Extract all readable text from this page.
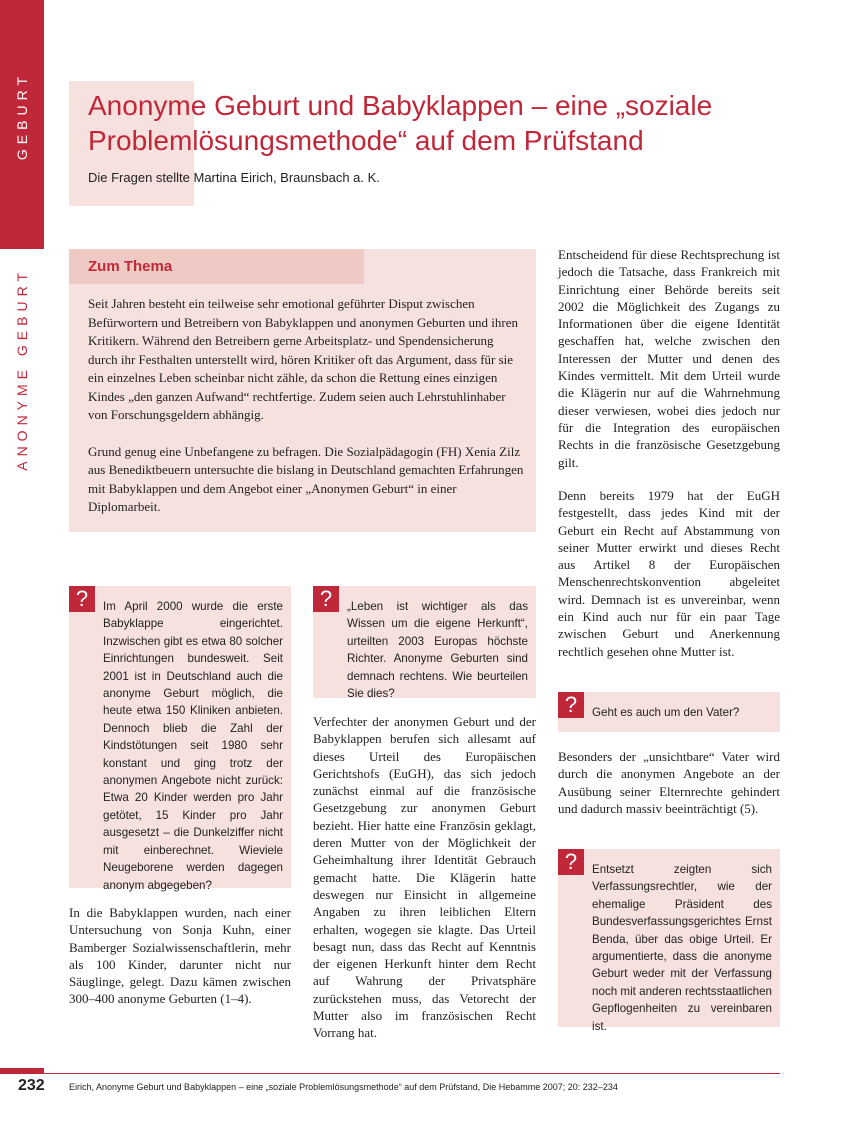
GEBURT
ANONYME GEBURT
Anonyme Geburt und Babyklappen – eine „soziale Problemlösungsmethode“ auf dem Prüfstand
Die Fragen stellte Martina Eirich, Braunsbach a. K.
Zum Thema

Seit Jahren besteht ein teilweise sehr emotional geführter Disput zwischen Befürwortern und Betreibern von Babyklappen und anonymen Geburten und ihren Kritikern. Während den Betreibern gerne Arbeitsplatz- und Spendensicherung durch ihr Festhalten unterstellt wird, hören Kritiker oft das Argument, dass für sie ein einzelnes Leben scheinbar nicht zähle, da schon die Rettung eines einzigen Kindes „den ganzen Aufwand“ rechtfertige. Zudem seien auch Lehrstuhlinhaber von Forschungsgeldern abhängig.

Grund genug eine Unbefangene zu befragen. Die Sozialpädagogin (FH) Xenia Zilz aus Benediktbeuern untersuchte die bislang in Deutschland gemachten Erfahrungen mit Babyklappen und dem Angebot einer „Anonymen Geburt“ in einer Diplomarbeit.

?	Im April 2000 wurde die erste Babyklappe eingerichtet. Inzwischen gibt es etwa 80 solcher Einrichtungen bundesweit. Seit 2001 ist in Deutschland auch die anonyme Geburt möglich, die heute etwa 150 Kliniken anbieten. Dennoch blieb die Zahl der Kindstötungen seit 1980 sehr konstant und ging trotz der anonymen Angebote nicht zurück: Etwa 20 Kinder werden pro Jahr getötet, 15 Kinder pro Jahr ausgesetzt – die Dunkelziffer nicht mit einberechnet. Wieviele Neugeborene werden dagegen anonym abgegeben?
In die Babyklappen wurden, nach einer Untersuchung von Sonja Kuhn, einer Bamberger Sozialwissenschaftlerin, mehr als 100 Kinder, darunter nicht nur Säuglinge, gelegt. Dazu kämen zwischen 300–400 anonyme Geburten (1–4).
?	„Leben ist wichtiger als das Wissen um die eigene Herkunft“, urteilten 2003 Europas höchste Richter. Anonyme Geburten sind demnach rechtens. Wie beurteilen Sie dies?
Verfechter der anonymen Geburt und der Babyklappen berufen sich allesamt auf dieses Urteil des Europäischen Gerichtshofs (EuGH), das sich jedoch zunächst einmal auf die französische Gesetzgebung zur anonymen Geburt bezieht. Hier hatte eine Französin geklagt, deren Mutter von der Möglichkeit der Geheimhaltung ihrer Identität Gebrauch gemacht hatte. Die Klägerin hatte deswegen nur Einsicht in allgemeine Angaben zu ihren leiblichen Eltern erhalten, wogegen sie klagte. Das Urteil besagt nun, dass das Recht auf Kenntnis der eigenen Herkunft hinter dem Recht auf Wahrung der Privatsphäre zurückstehen muss, das Vetorecht der Mutter also im französischen Recht Vorrang hat.
Entscheidend für diese Rechtsprechung ist jedoch die Tatsache, dass Frankreich mit Einrichtung einer Behörde bereits seit 2002 die Möglichkeit des Zugangs zu Informationen über die eigene Identität geschaffen hat, welche zwischen den Interessen der Mutter und denen des Kindes vermittelt. Mit dem Urteil wurde die Klägerin nur auf die Wahrnehmung dieser verwiesen, wobei dies jedoch nur für die Integration des europäischen Rechts in die französische Gesetzgebung gilt.
Denn bereits 1979 hat der EuGH festgestellt, dass jedes Kind mit der Geburt ein Recht auf Abstammung von seiner Mutter erwirkt und dieses Recht aus Artikel 8 der Europäischen Menschenrechtskonvention abgeleitet wird. Demnach ist es unvereinbar, wenn ein Kind auch nur für ein paar Tage zwischen Geburt und Anerkennung rechtlich gesehen ohne Mutter ist.
?	Geht es auch um den Vater?
Besonders der „unsichtbare“ Vater wird durch die anonymen Angebote an der Ausübung seiner Elternrechte gehindert und dadurch massiv beeinträchtigt (5).
?	Entsetzt zeigten sich Verfassungsrechtler, wie der ehemalige Präsident des Bundesverfassungsgerichtes Ernst Benda, über das obige Urteil. Er argumentierte, dass die anonyme Geburt weder mit der Verfassung noch mit anderen rechtsstaatlichen Gepflogenheiten zu vereinbaren ist.
232	Eirich, Anonyme Geburt und Babyklappen – eine „soziale Problemlösungsmethode“ auf dem Prüfstand, Die Hebamme 2007; 20: 232–234
